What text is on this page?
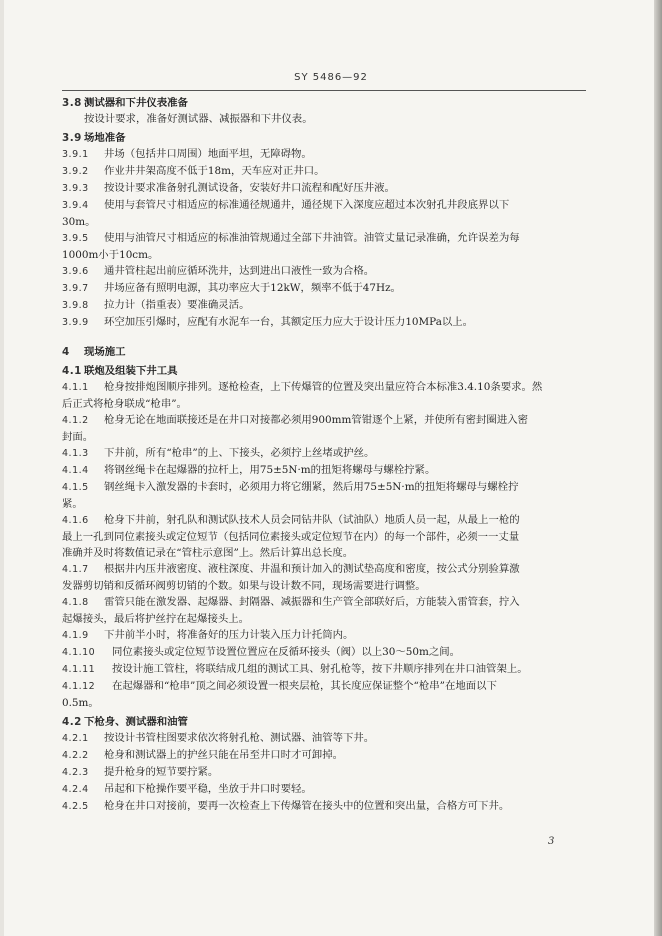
SY 5486—92
3.8 测试器和下井仪表准备
按设计要求，准备好测试器、减振器和下井仪表。
3.9 场地准备
3.9.1 井场（包括井口周围）地面平坦，无障碍物。
3.9.2 作业井井架高度不低于18m，天车应对正井口。
3.9.3 按设计要求准备射孔测试设备，安装好井口流程和配好压井液。
3.9.4 使用与套管尺寸相适应的标准通径规通井，通径规下入深度应超过本次射孔井段底界以下
30m。
3.9.5 使用与油管尺寸相适应的标准油管规通过全部下井油管。油管丈量记录准确，允许误差为每
1000m小于10cm。
3.9.6 通井管柱起出前应循环洗井，达到进出口液性一致为合格。
3.9.7 井场应备有照明电源，其功率应大于12kW，频率不低于47Hz。
3.9.8 拉力计（指重表）要准确灵活。
3.9.9 环空加压引爆时，应配有水泥车一台，其额定压力应大于设计压力10MPa以上。
4 现场施工
4.1 联炮及组装下井工具
4.1.1 枪身按排炮图顺序排列。逐枪检查，上下传爆管的位置及突出量应符合本标准3.4.10条要求。然
后正式将枪身联成“枪串”。
4.1.2 枪身无论在地面联接还是在井口对接都必须用900mm管钳逐个上紧，并使所有密封圈进入密
封面。
4.1.3 下井前，所有“枪串”的上、下接头，必须拧上丝堵或护丝。
4.1.4 将钢丝绳卡在起爆器的拉杆上，用75±5N·m的扭矩将螺母与螺栓拧紧。
4.1.5 钢丝绳卡入激发器的卡套时，必须用力将它绷紧，然后用75±5N·m的扭矩将螺母与螺栓拧
紧。
4.1.6 枪身下井前，射孔队和测试队技术人员会同钻井队（试油队）地质人员一起，从最上一枪的
最上一孔到同位素接头或定位短节（包括同位素接头或定位短节在内）的每一个部件，必须一一丈量
准确并及时将数值记录在“管柱示意图”上。然后计算出总长度。
4.1.7 根据井内压井液密度、液柱深度、井温和预计加入的测试垫高度和密度，按公式分别验算激
发器剪切销和反循环阀剪切销的个数。如果与设计数不同，现场需要进行调整。
4.1.8 雷管只能在激发器、起爆器、封隔器、减振器和生产管全部联好后，方能装入雷管套，拧入
起爆接头，最后将护丝拧在起爆接头上。
4.1.9 下井前半小时，将准备好的压力计装入压力计托筒内。
4.1.10 同位素接头或定位短节设置位置应在反循环接头（阀）以上30～50m之间。
4.1.11 按设计施工管柱，将联结成几组的测试工具、射孔枪等，按下井顺序排列在井口油管架上。
4.1.12 在起爆器和“枪串”顶之间必须设置一根夹层枪，其长度应保证整个“枪串”在地面以下
0.5m。
4.2 下枪身、测试器和油管
4.2.1 按设计书管柱图要求依次将射孔枪、测试器、油管等下井。
4.2.2 枪身和测试器上的护丝只能在吊至井口时才可卸掉。
4.2.3 提升枪身的短节要拧紧。
4.2.4 吊起和下枪操作要平稳，坐放于井口时要轻。
4.2.5 枪身在井口对接前，要再一次检查上下传爆管在接头中的位置和突出量，合格方可下井。
3
